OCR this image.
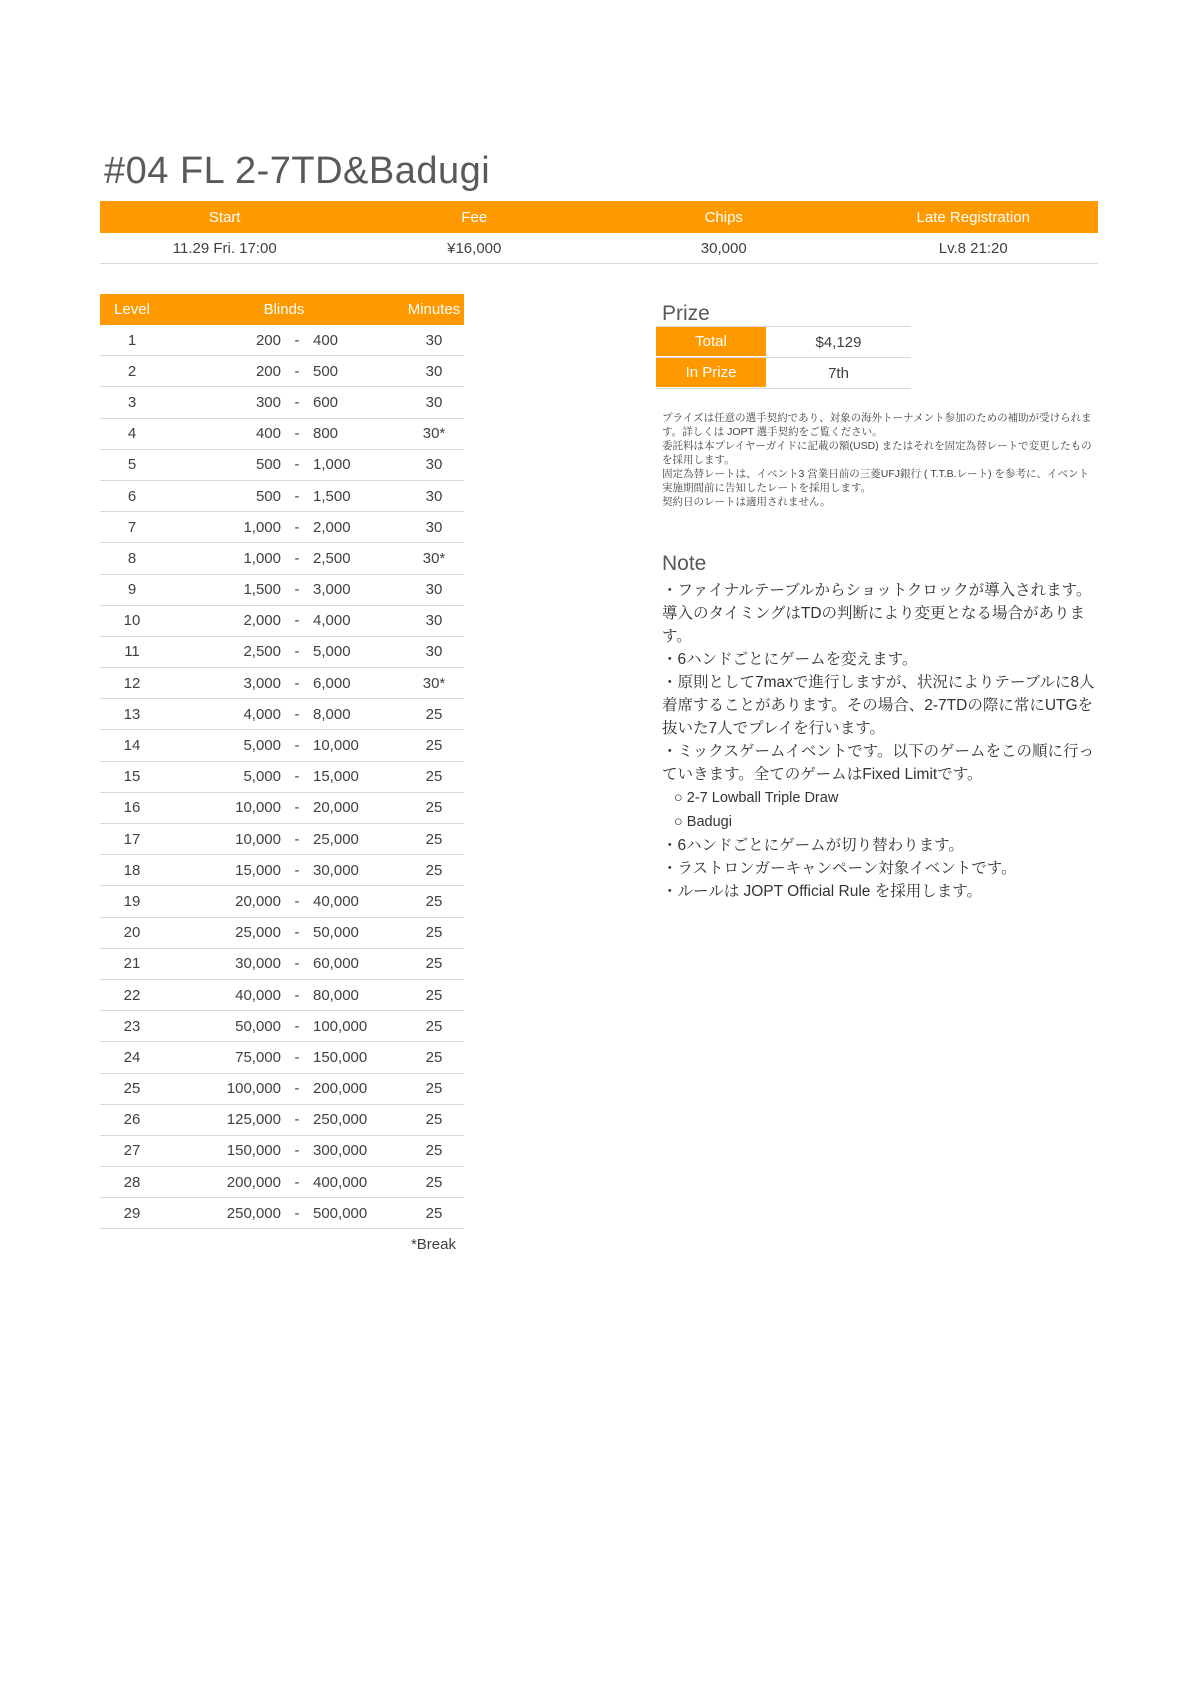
#04 FL 2-7TD&Badugi
Start	Fee	Chips	Late Registration
11.29 Fri. 17:00	¥16,000	30,000	Lv.8 21:20
Level	Blinds	Minutes
1	200 - 400	30
2	200 - 500	30
3	300 - 600	30
4	400 - 800	30*
5	500 - 1,000	30
6	500 - 1,500	30
7	1,000 - 2,000	30
8	1,000 - 2,500	30*
9	1,500 - 3,000	30
10	2,000 - 4,000	30
11	2,500 - 5,000	30
12	3,000 - 6,000	30*
13	4,000 - 8,000	25
14	5,000 - 10,000	25
15	5,000 - 15,000	25
16	10,000 - 20,000	25
17	10,000 - 25,000	25
18	15,000 - 30,000	25
19	20,000 - 40,000	25
20	25,000 - 50,000	25
21	30,000 - 60,000	25
22	40,000 - 80,000	25
23	50,000 - 100,000	25
24	75,000 - 150,000	25
25	100,000 - 200,000	25
26	125,000 - 250,000	25
27	150,000 - 300,000	25
28	200,000 - 400,000	25
29	250,000 - 500,000	25
*Break
Prize
Total	$4,129
In Prize	7th

プライズは任意の選手契約であり、対象の海外トーナメント参加のための補助が受けられます。詳しくは JOPT 選手契約をご覧ください。

委託料は本プレイヤーガイドに記載の額(USD) またはそれを固定為替レートで変更したものを採用します。

固定為替レートは、イベント3 営業日前の三菱UFJ銀行 ( T.T.B.レート) を参考に、イベント実施期間前に告知したレートを採用します。

契約日のレートは適用されません。

Note

・ファイナルテーブルからショットクロックが導入されます。導入のタイミングはTDの判断により変更となる場合があります。

・6ハンドごとにゲームを変えます。

・原則として7maxで進行しますが、状況によりテーブルに8人着席することがあります。その場合、2-7TDの際に常にUTGを抜いた7人でプレイを行います。

・ミックスゲームイベントです。以下のゲームをこの順に行っていきます。全てのゲームはFixed Limitです。

○ 2-7 Lowball Triple Draw

○ Badugi

・6ハンドごとにゲームが切り替わります。

・ラストロンガーキャンペーン対象イベントです。

・ルールは JOPT Official Rule を採用します。
